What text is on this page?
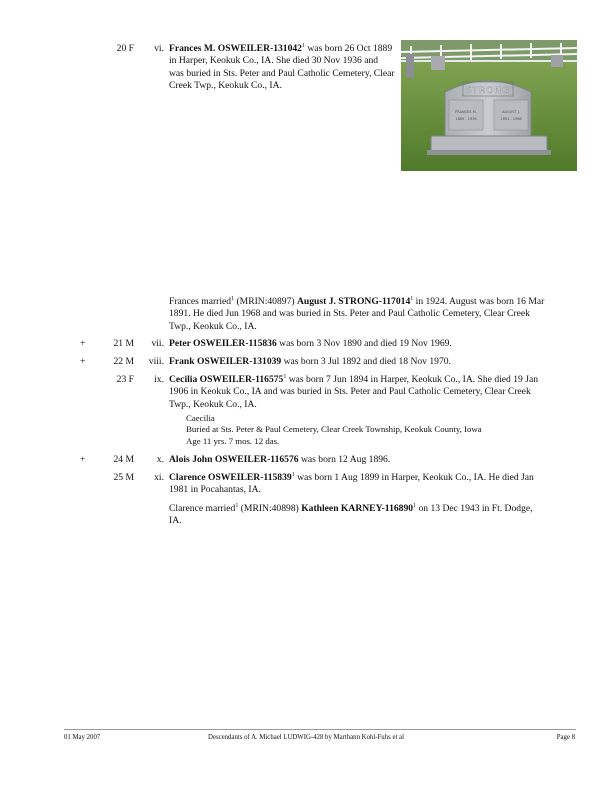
20 F	vi. Frances M. OSWEILER-131042$^1$ was born 26 Oct 1889 in Harper, Keokuk Co., IA. She died 30 Nov 1936 and was buried in Sts. Peter and Paul Catholic Cemetery, Clear Creek Twp., Keokuk Co., IA.	STRONG
FRANCES M.
1889 - 1936
AUGUST J.
1891 - 1968
Frances married$^1$ (MRIN:40897) August J. STRONG-117014$^1$ in 1924. August was born 16 Mar 1891. He died Jun 1968 and was buried in Sts. Peter and Paul Catholic Cemetery, Clear Creek Twp., Keokuk Co., IA.
+	21 M	vii. Peter OSWEILER-115836 was born 3 Nov 1890 and died 19 Nov 1969.
+	22 M	viii. Frank OSWEILER-131039 was born 3 Jul 1892 and died 18 Nov 1970.
23 F	ix. Cecilia OSWEILER-116575$^1$ was born 7 Jun 1894 in Harper, Keokuk Co., IA. She died 19 Jan 1906 in Keokuk Co., IA and was buried in Sts. Peter and Paul Catholic Cemetery, Clear Creek Twp., Keokuk Co., IA.
Caecilia
Buried at Sts. Peter & Paul Cemetery, Clear Creek Township, Keokuk County, Iowa
Age 11 yrs. 7 mos. 12 das.
+	24 M	x. Alois John OSWEILER-116576 was born 12 Aug 1896.
25 M	xi. Clarence OSWEILER-115839$^1$ was born 1 Aug 1899 in Harper, Keokuk Co., IA. He died Jan 1981 in Pocahantas, IA.
Clarence married$^1$ (MRIN:40898) Kathleen KARNEY-116890$^1$ on 13 Dec 1943 in Ft. Dodge, IA.
01 May 2007	Descendants of A. Michael LUDWIG-428 by Marthann Kohl-Fuhs et al	Page 8
